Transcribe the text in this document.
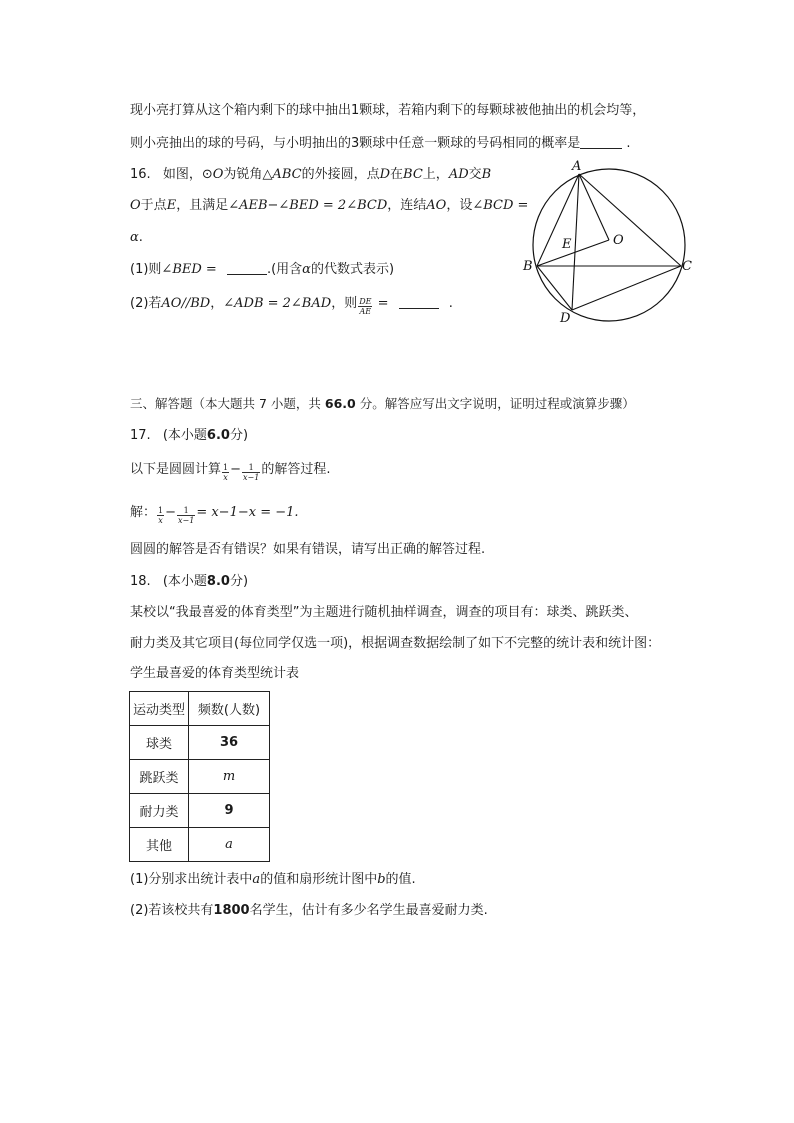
现小亮打算从这个箱内剩下的球中抽出1颗球，若箱内剩下的每颗球被他抽出的机会均等，
则小亮抽出的球的号码，与小明抽出的3颗球中任意一颗球的号码相同的概率是	.
16. 如图，⊙O为锐角△ABC的外接圆，点D在BC上，AD交B
O于点E，且满足∠AEB−∠BED = 2∠BCD，连结AO，设∠BCD =
α.
(1)则∠BED =	.(用含α的代数式表示)
(2)若AO//BD，∠ADB = 2∠BAD，则 $\frac{DE}{AE}$ =	.
A
B	C
D
E	O
三、解答题（本大题共 7 小题，共 66.0 分。解答应写出文字说明，证明过程或演算步骤）
17. (本小题6.0分)
以下是圆圆计算 $\frac{1}{x} - \frac{1}{x-1}$ 的解答过程.
解： $\frac{1}{x} - \frac{1}{x-1} = x-1-x = -1$.
圆圆的解答是否有错误？如果有错误，请写出正确的解答过程.
18. (本小题8.0分)
某校以“我最喜爱的体育类型”为主题进行随机抽样调查，调查的项目有：球类、跳跃类、
耐力类及其它项目(每位同学仅选一项)，根据调查数据绘制了如下不完整的统计表和统计图：
学生最喜爱的体育类型统计表
运动类型	频数(人数)
球类	36
跳跃类	m
耐力类	9
其他	a
(1)分别求出统计表中a的值和扇形统计图中b的值.
(2)若该校共有1800名学生，估计有多少名学生最喜爱耐力类.
